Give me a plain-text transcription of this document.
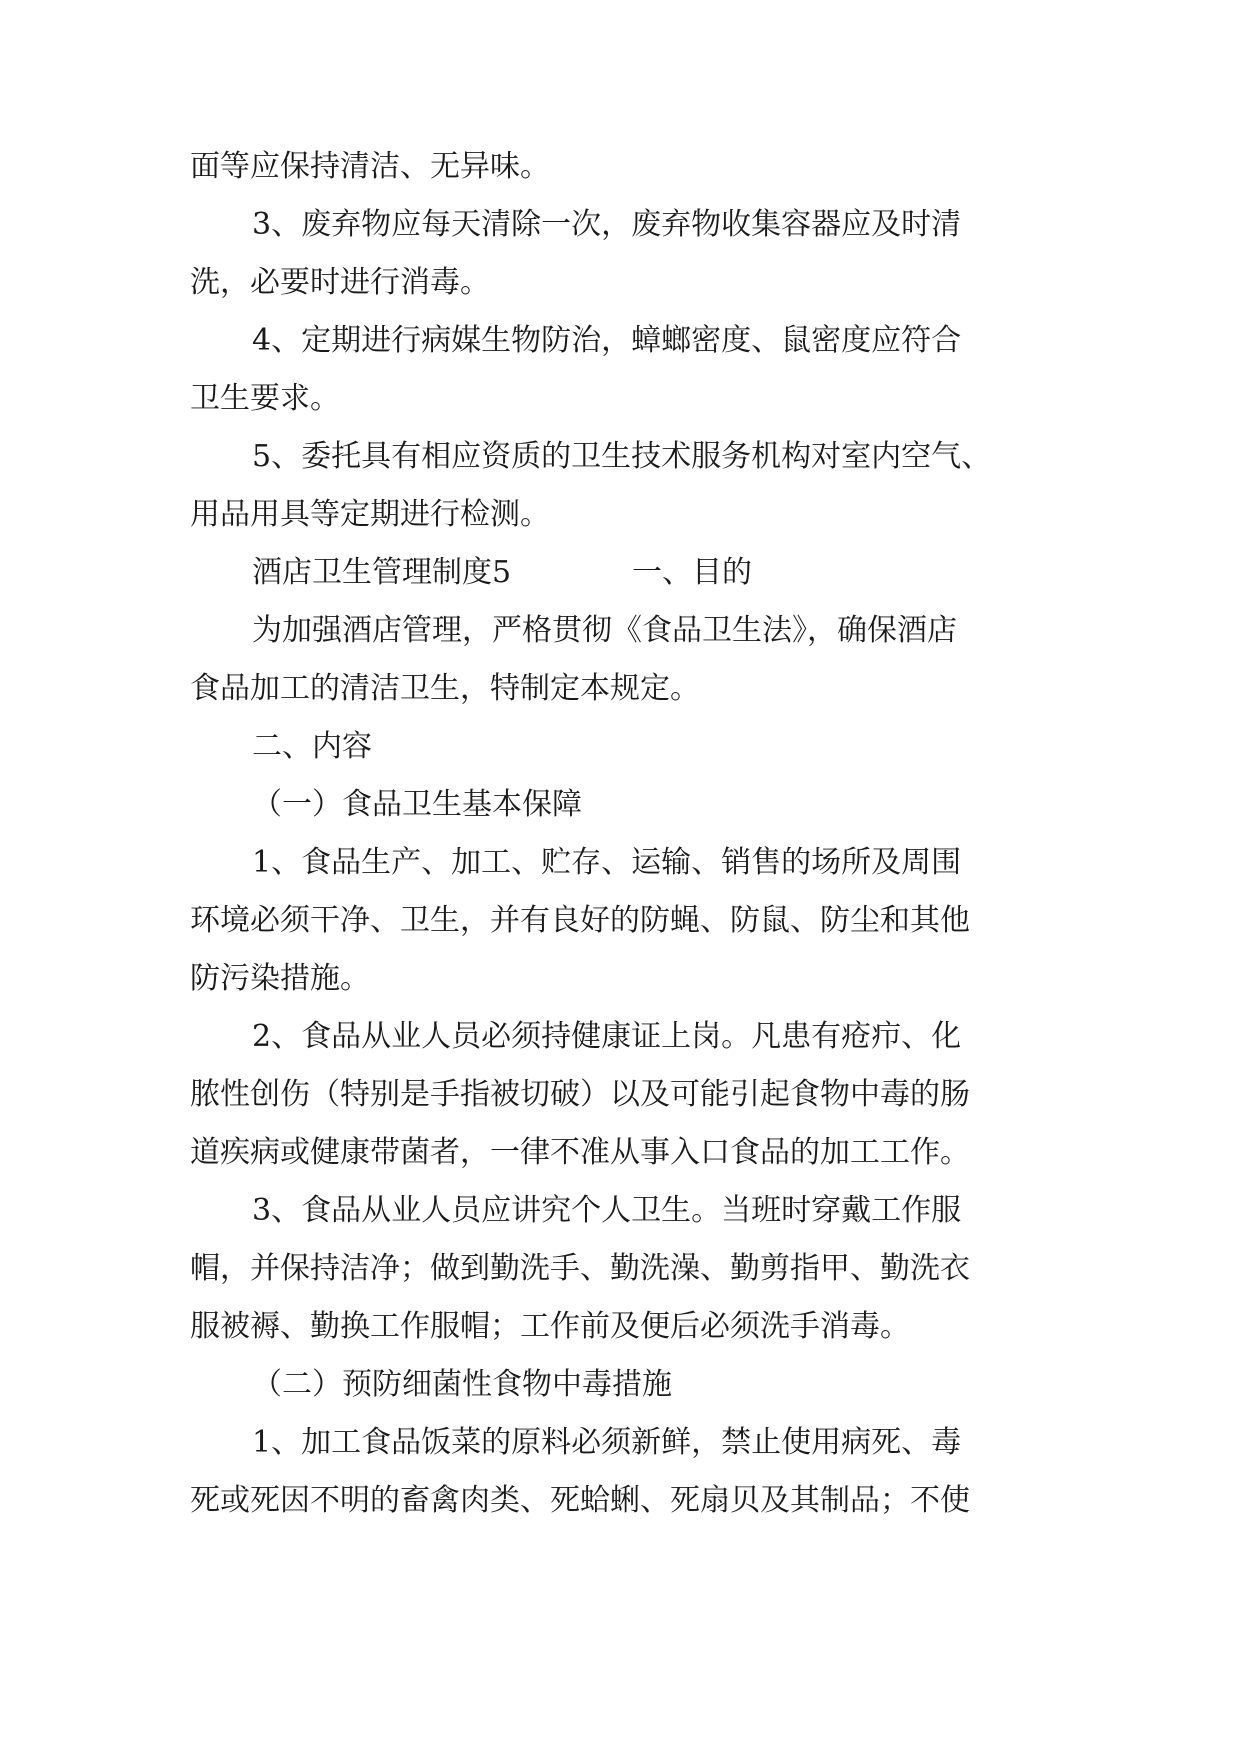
面等应保持清洁、无异味。
3、废弃物应每天清除一次，废弃物收集容器应及时清
洗，必要时进行消毒。
4、定期进行病媒生物防治，蟑螂密度、鼠密度应符合
卫生要求。
5、委托具有相应资质的卫生技术服务机构对室内空气、
用品用具等定期进行检测。
酒店卫生管理制度5	一、目的
为加强酒店管理，严格贯彻《食品卫生法》，确保酒店
食品加工的清洁卫生，特制定本规定。
二、内容
（一）食品卫生基本保障
1、食品生产、加工、贮存、运输、销售的场所及周围
环境必须干净、卫生，并有良好的防蝇、防鼠、防尘和其他
防污染措施。
2、食品从业人员必须持健康证上岗。凡患有疮疖、化
脓性创伤（特别是手指被切破）以及可能引起食物中毒的肠
道疾病或健康带菌者，一律不准从事入口食品的加工工作。
3、食品从业人员应讲究个人卫生。当班时穿戴工作服
帽，并保持洁净；做到勤洗手、勤洗澡、勤剪指甲、勤洗衣
服被褥、勤换工作服帽；工作前及便后必须洗手消毒。
（二）预防细菌性食物中毒措施
1、加工食品饭菜的原料必须新鲜，禁止使用病死、毒
死或死因不明的畜禽肉类、死蛤蜊、死扇贝及其制品；不使
